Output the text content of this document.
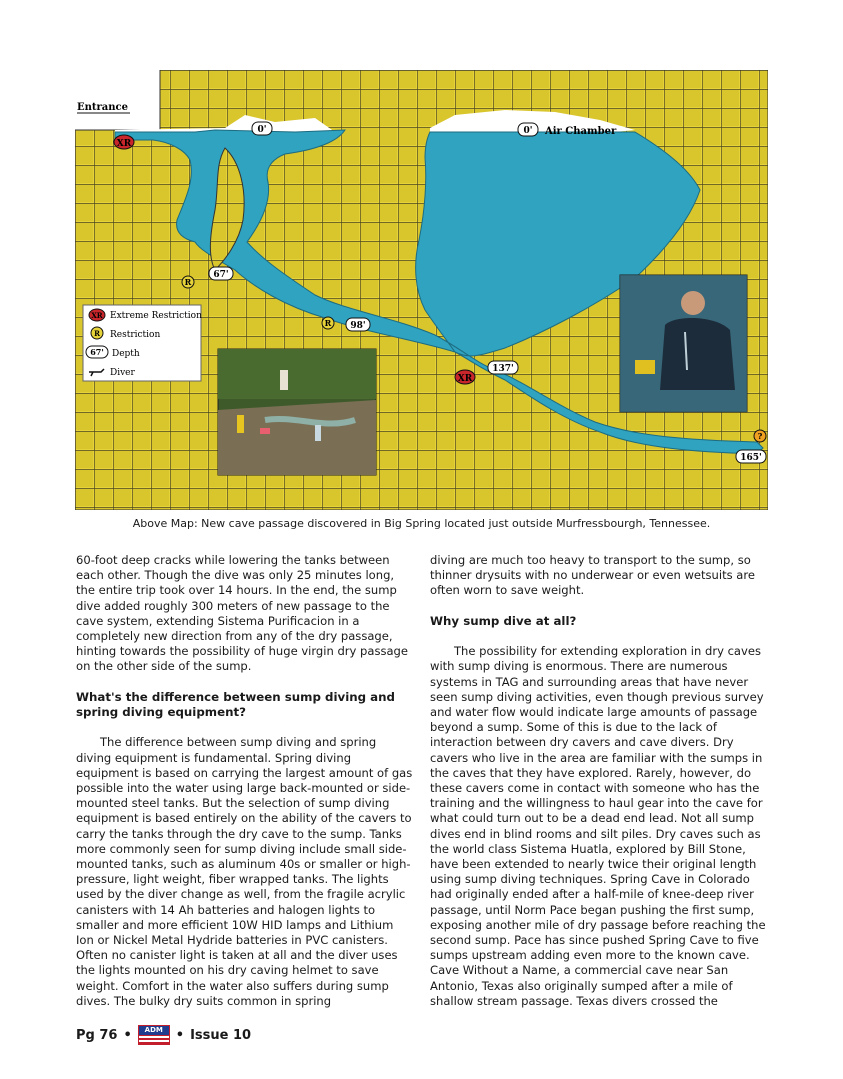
Entrance
Air Chamber
0'	0'
67'
98'
137'
165'
XR
XR
R
R
?
XR Extreme Restriction
R Restriction
67' Depth
Diver
Above Map: New cave passage discovered in Big Spring located just outside Murfressbourgh, Tennessee.

60-foot deep cracks while lowering the tanks between each other. Though the dive was only 25 minutes long, the entire trip took over 14 hours. In the end, the sump dive added roughly 300 meters of new passage to the cave system, extending Sistema Purificacion in a completely new direction from any of the dry passage, hinting towards the possibility of huge virgin dry passage on the other side of the sump.

What's the difference between sump diving and spring diving equipment?

The difference between sump diving and spring diving equipment is fundamental. Spring diving equipment is based on carrying the largest amount of gas possible into the water using large back-mounted or side-mounted steel tanks. But the selection of sump diving equipment is based entirely on the ability of the cavers to carry the tanks through the dry cave to the sump. Tanks more commonly seen for sump diving include small side-mounted tanks, such as aluminum 40s or smaller or high-pressure, light weight, fiber wrapped tanks. The lights used by the diver change as well, from the fragile acrylic canisters with 14 Ah batteries and halogen lights to smaller and more efficient 10W HID lamps and Lithium Ion or Nickel Metal Hydride batteries in PVC canisters. Often no canister light is taken at all and the diver uses the lights mounted on his dry caving helmet to save weight. Comfort in the water also suffers during sump dives. The bulky dry suits common in spring

diving are much too heavy to transport to the sump, so thinner drysuits with no underwear or even wetsuits are often worn to save weight.

Why sump dive at all?

The possibility for extending exploration in dry caves with sump diving is enormous. There are numerous systems in TAG and surrounding areas that have never seen sump diving activities, even though previous survey and water flow would indicate large amounts of passage beyond a sump. Some of this is due to the lack of interaction between dry cavers and cave divers. Dry cavers who live in the area are familiar with the sumps in the caves that they have explored. Rarely, however, do these cavers come in contact with someone who has the training and the willingness to haul gear into the cave for what could turn out to be a dead end lead. Not all sump dives end in blind rooms and silt piles. Dry caves such as the world class Sistema Huatla, explored by Bill Stone, have been extended to nearly twice their original length using sump diving techniques. Spring Cave in Colorado had originally ended after a half-mile of knee-deep river passage, until Norm Pace began pushing the first sump, exposing another mile of dry passage before reaching the second sump. Pace has since pushed Spring Cave to five sumps upstream adding even more to the known cave. Cave Without a Name, a commercial cave near San Antonio, Texas also originally sumped after a mile of shallow stream passage. Texas divers crossed the

Pg 76 •	ADM • Issue 10
